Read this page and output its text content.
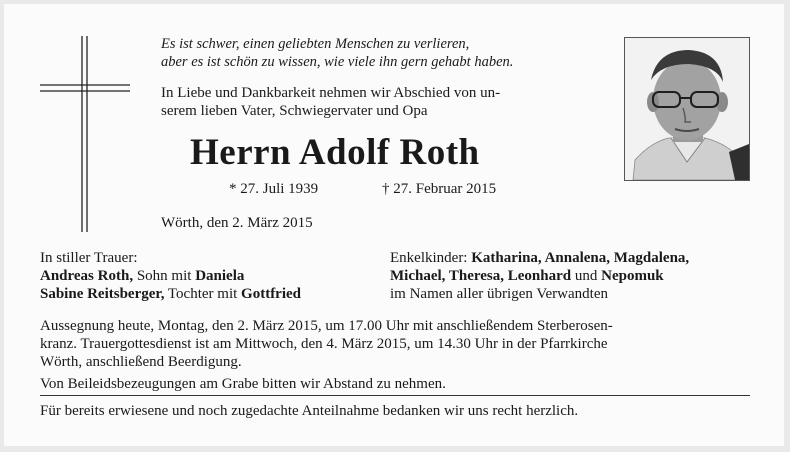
Es ist schwer, einen geliebten Menschen zu verlieren,
aber es ist schön zu wissen, wie viele ihn gern gehabt haben.
In Liebe und Dankbarkeit nehmen wir Abschied von un-
serem lieben Vater, Schwiegervater und Opa
Herrn Adolf Roth
* 27. Juli 1939	† 27. Februar 2015
Wörth, den 2. März 2015
In stiller Trauer:
Andreas Roth, Sohn mit Daniela
Sabine Reitsberger, Tochter mit Gottfried
Enkelkinder: Katharina, Annalena, Magdalena,
Michael, Theresa, Leonhard und Nepomuk
im Namen aller übrigen Verwandten
Aussegnung heute, Montag, den 2. März 2015, um 17.00 Uhr mit anschließendem Sterberosen-
kranz. Trauergottesdienst ist am Mittwoch, den 4. März 2015, um 14.30 Uhr in der Pfarrkirche
Wörth, anschließend Beerdigung.
Von Beileidsbezeugungen am Grabe bitten wir Abstand zu nehmen.
Für bereits erwiesene und noch zugedachte Anteilnahme bedanken wir uns recht herzlich.
